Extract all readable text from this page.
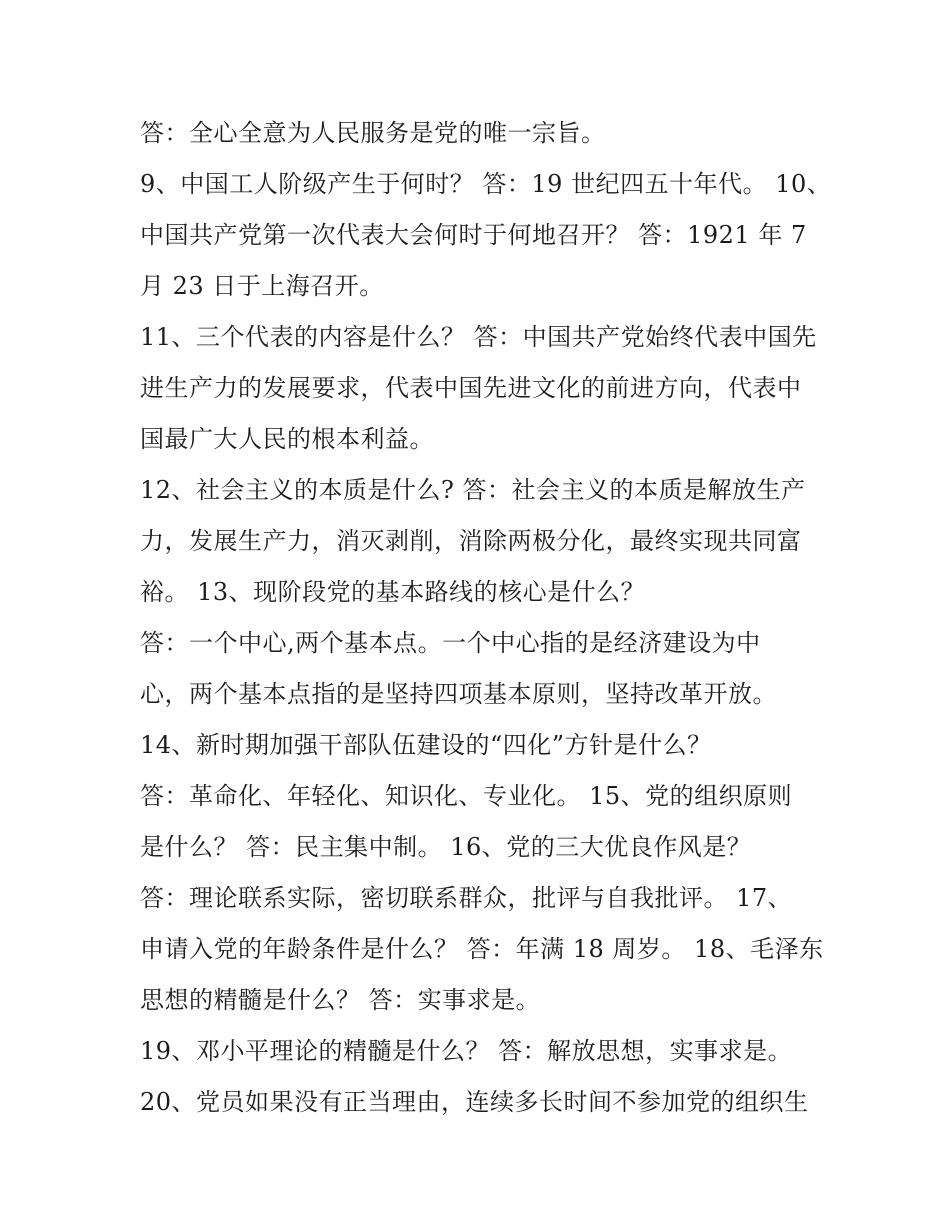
答：全心全意为人民服务是党的唯一宗旨。
9、中国工人阶级产生于何时？ 答：19 世纪四五十年代。 10、
中国共产党第一次代表大会何时于何地召开？ 答：1921 年 7
月 23 日于上海召开。
11、三个代表的内容是什么？ 答：中国共产党始终代表中国先
进生产力的发展要求，代表中国先进文化的前进方向，代表中
国最广大人民的根本利益。
12、社会主义的本质是什么? 答：社会主义的本质是解放生产
力，发展生产力，消灭剥削，消除两极分化，最终实现共同富
裕。 13、现阶段党的基本路线的核心是什么？
答：一个中心,两个基本点。一个中心指的是经济建设为中
心，两个基本点指的是坚持四项基本原则，坚持改革开放。
14、新时期加强干部队伍建设的“四化”方针是什么？
答：革命化、年轻化、知识化、专业化。 15、党的组织原则
是什么？ 答：民主集中制。 16、党的三大优良作风是？
答：理论联系实际，密切联系群众，批评与自我批评。 17、
申请入党的年龄条件是什么？ 答：年满 18 周岁。 18、毛泽东
思想的精髓是什么？ 答：实事求是。
19、邓小平理论的精髓是什么？ 答：解放思想，实事求是。
20、党员如果没有正当理由，连续多长时间不参加党的组织生
